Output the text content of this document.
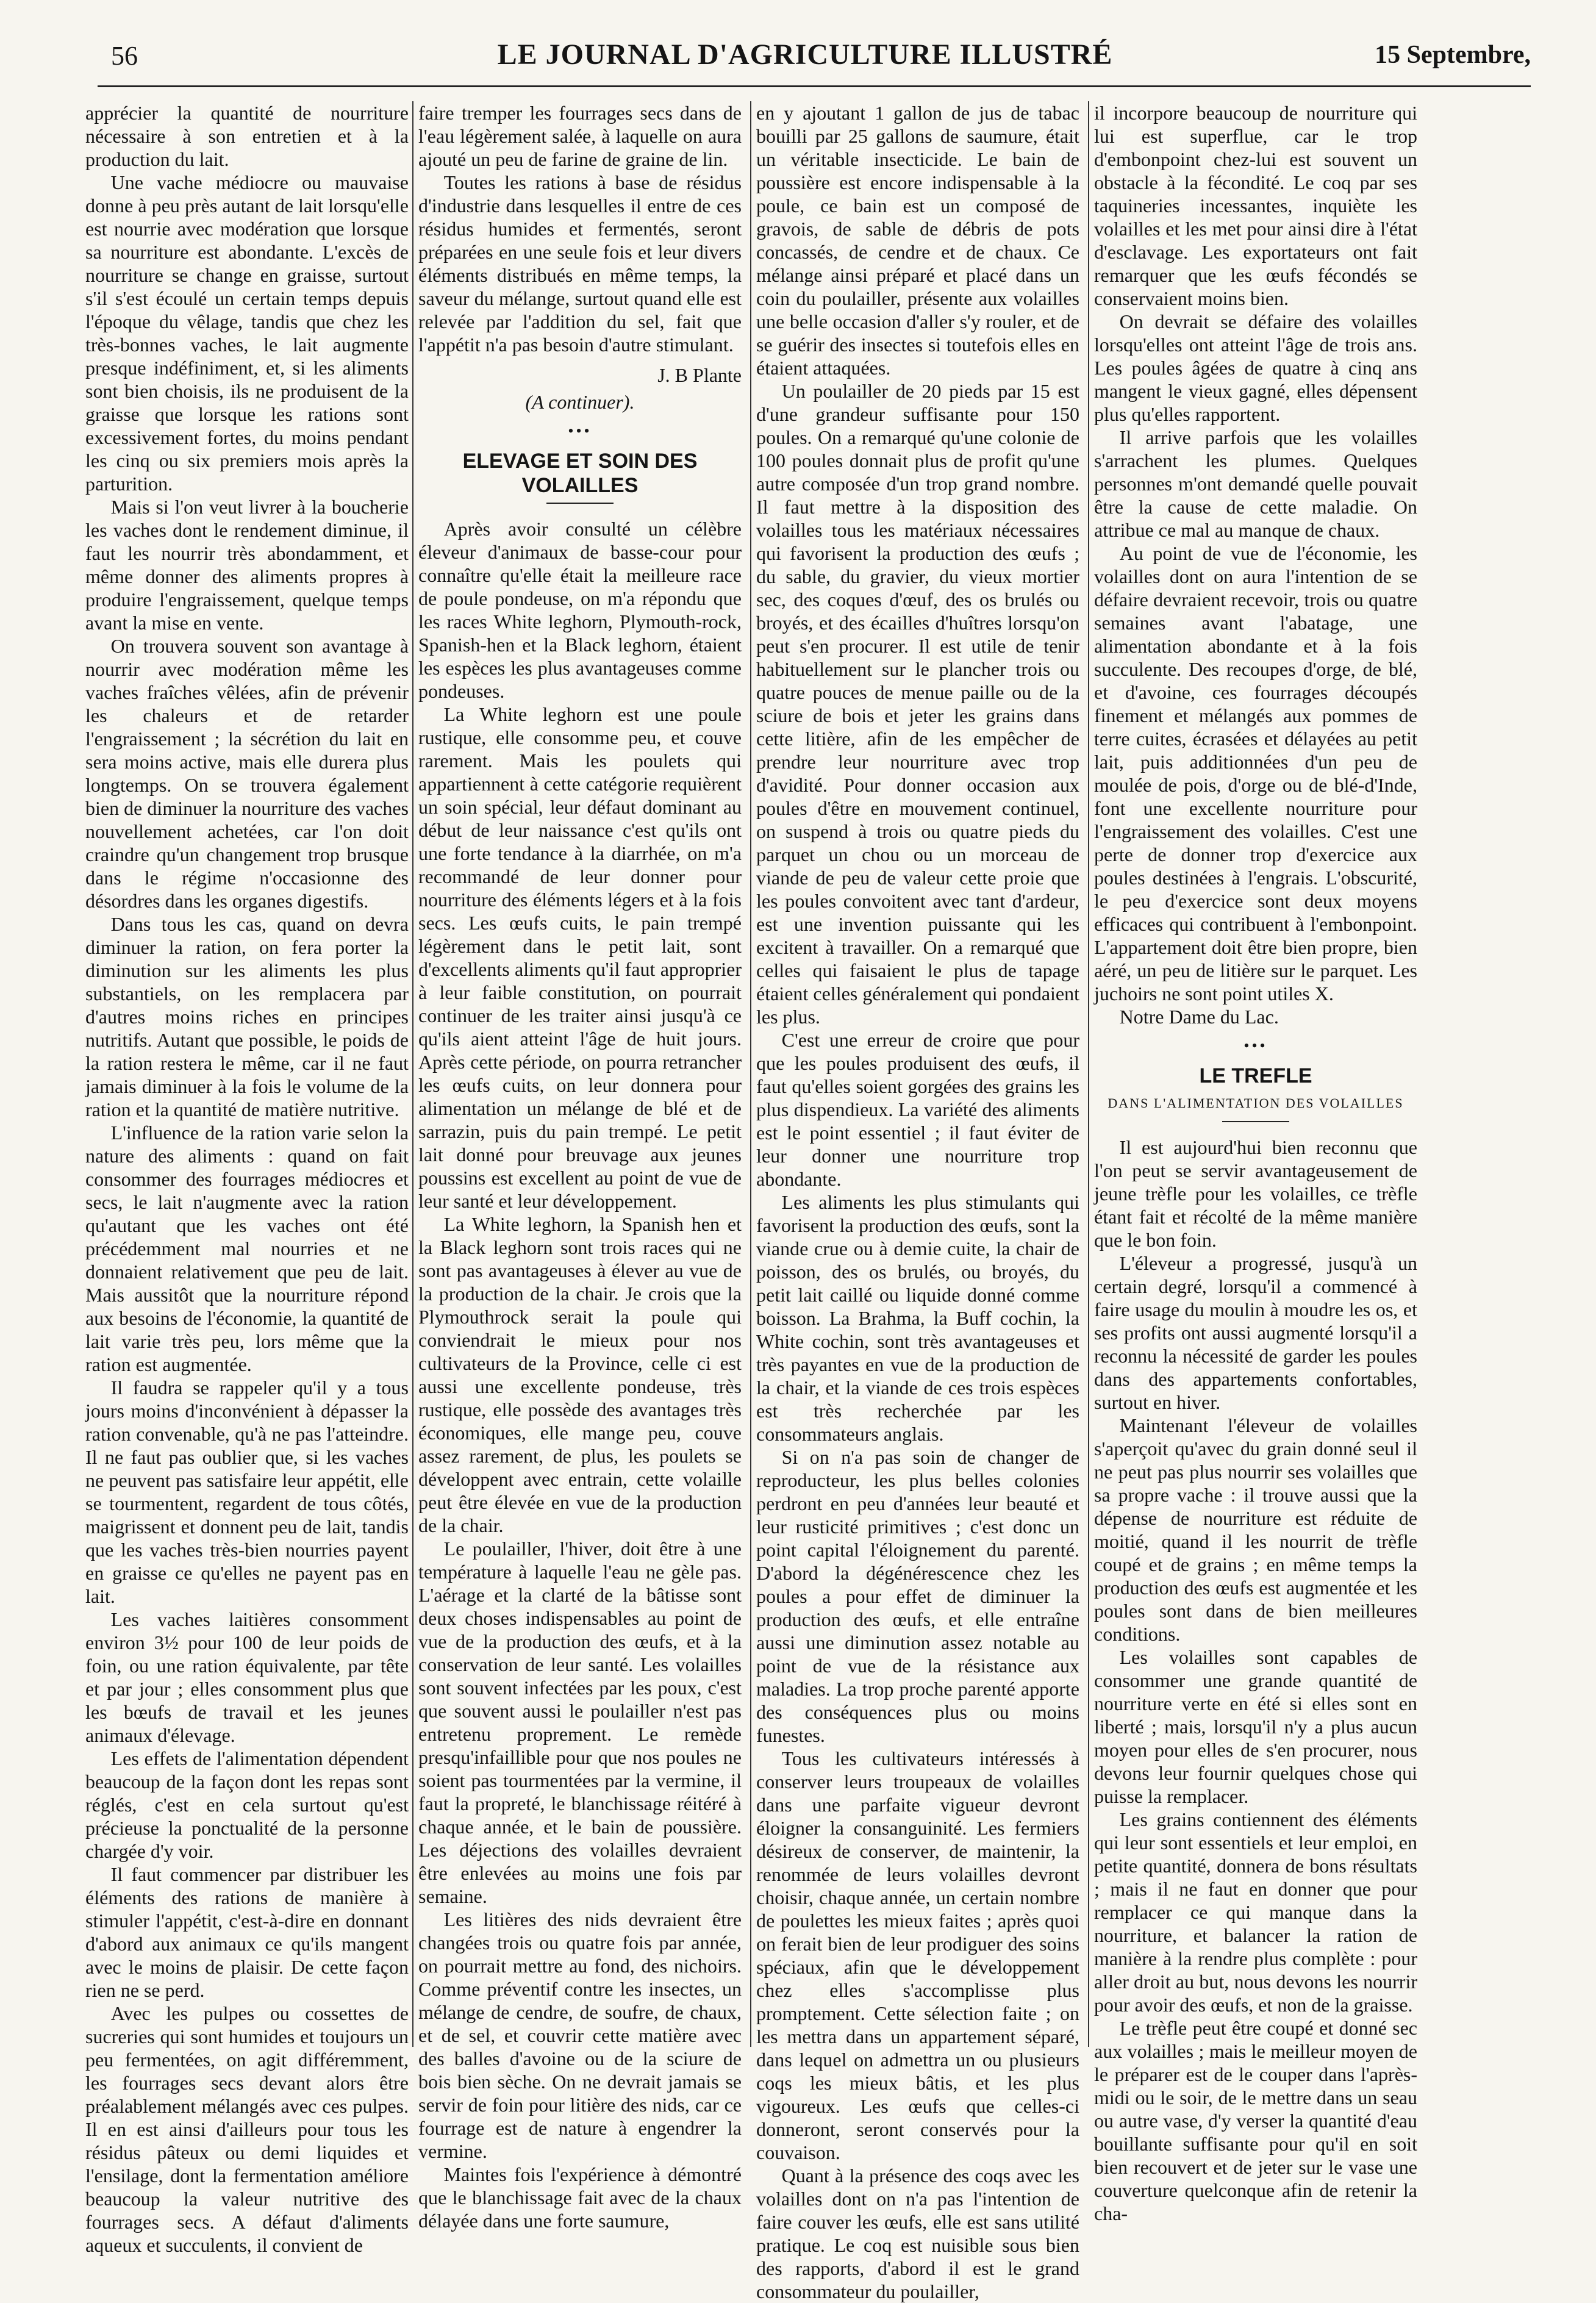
56	LE JOURNAL D'AGRICULTURE ILLUSTRÉ	15 Septembre,

apprécier la quantité de nourriture nécessaire à son entretien et à la production du lait.

Une vache médiocre ou mauvaise donne à peu près autant de lait lorsqu'elle est nourrie avec modération que lorsque sa nourriture est abondante. L'excès de nourriture se change en graisse, surtout s'il s'est écoulé un certain temps depuis l'époque du vêlage, tandis que chez les très-bonnes vaches, le lait augmente presque indéfiniment, et, si les aliments sont bien choisis, ils ne produisent de la graisse que lorsque les rations sont excessivement fortes, du moins pendant les cinq ou six premiers mois après la parturition.

Mais si l'on veut livrer à la boucherie les vaches dont le rendement diminue, il faut les nourrir très abondamment, et même donner des aliments propres à produire l'engraissement, quelque temps avant la mise en vente.

On trouvera souvent son avantage à nourrir avec modération même les vaches fraîches vêlées, afin de prévenir les chaleurs et de retarder l'engraissement ; la sécrétion du lait en sera moins active, mais elle durera plus longtemps. On se trouvera également bien de diminuer la nourriture des vaches nouvellement achetées, car l'on doit craindre qu'un changement trop brusque dans le régime n'occasionne des désordres dans les organes digestifs.

Dans tous les cas, quand on devra diminuer la ration, on fera porter la diminution sur les aliments les plus substantiels, on les remplacera par d'autres moins riches en principes nutritifs. Autant que possible, le poids de la ration restera le même, car il ne faut jamais diminuer à la fois le volume de la ration et la quantité de matière nutritive.

L'influence de la ration varie selon la nature des aliments : quand on fait consommer des fourrages médiocres et secs, le lait n'augmente avec la ration qu'autant que les vaches ont été précédemment mal nourries et ne donnaient relativement que peu de lait. Mais aussitôt que la nourriture répond aux besoins de l'économie, la quantité de lait varie très peu, lors même que la ration est augmentée.

Il faudra se rappeler qu'il y a tous jours moins d'inconvénient à dépasser la ration convenable, qu'à ne pas l'atteindre. Il ne faut pas oublier que, si les vaches ne peuvent pas satisfaire leur appétit, elle se tourmentent, regardent de tous côtés, maigrissent et donnent peu de lait, tandis que les vaches très-bien nourries payent en graisse ce qu'elles ne payent pas en lait.

Les vaches laitières consomment environ 3½ pour 100 de leur poids de foin, ou une ration équivalente, par tête et par jour ; elles consomment plus que les bœufs de travail et les jeunes animaux d'élevage.

Les effets de l'alimentation dépendent beaucoup de la façon dont les repas sont réglés, c'est en cela surtout qu'est précieuse la ponctualité de la personne chargée d'y voir.

Il faut commencer par distribuer les éléments des rations de manière à stimuler l'appétit, c'est-à-dire en donnant d'abord aux animaux ce qu'ils mangent avec le moins de plaisir. De cette façon rien ne se perd.

Avec les pulpes ou cossettes de sucreries qui sont humides et toujours un peu fermentées, on agit différemment, les fourrages secs devant alors être préalablement mélangés avec ces pulpes. Il en est ainsi d'ailleurs pour tous les résidus pâteux ou demi liquides et l'ensilage, dont la fermentation améliore beaucoup la valeur nutritive des fourrages secs. A défaut d'aliments aqueux et succulents, il convient de

faire tremper les fourrages secs dans de l'eau légèrement salée, à laquelle on aura ajouté un peu de farine de graine de lin.

Toutes les rations à base de résidus d'industrie dans lesquelles il entre de ces résidus humides et fermentés, seront préparées en une seule fois et leur divers éléments distribués en même temps, la saveur du mélange, surtout quand elle est relevée par l'addition du sel, fait que l'appétit n'a pas besoin d'autre stimulant.

J. B Plante
(A continuer).
•••
ELEVAGE ET SOIN DES VOLAILLES

Après avoir consulté un célèbre éleveur d'animaux de basse-cour pour connaître qu'elle était la meilleure race de poule pondeuse, on m'a répondu que les races White leghorn, Plymouth-rock, Spanish-hen et la Black leghorn, étaient les espèces les plus avantageuses comme pondeuses.

La White leghorn est une poule rustique, elle consomme peu, et couve rarement. Mais les poulets qui appartiennent à cette catégorie requièrent un soin spécial, leur défaut dominant au début de leur naissance c'est qu'ils ont une forte tendance à la diarrhée, on m'a recommandé de leur donner pour nourriture des éléments légers et à la fois secs. Les œufs cuits, le pain trempé légèrement dans le petit lait, sont d'excellents aliments qu'il faut approprier à leur faible constitution, on pourrait continuer de les traiter ainsi jusqu'à ce qu'ils aient atteint l'âge de huit jours. Après cette période, on pourra retrancher les œufs cuits, on leur donnera pour alimentation un mélange de blé et de sarrazin, puis du pain trempé. Le petit lait donné pour breuvage aux jeunes poussins est excellent au point de vue de leur santé et leur développement.

La White leghorn, la Spanish hen et la Black leghorn sont trois races qui ne sont pas avantageuses à élever au vue de la production de la chair. Je crois que la Plymouthrock serait la poule qui conviendrait le mieux pour nos cultivateurs de la Province, celle ci est aussi une excellente pondeuse, très rustique, elle possède des avantages très économiques, elle mange peu, couve assez rarement, de plus, les poulets se développent avec entrain, cette volaille peut être élevée en vue de la production de la chair.

Le poulailler, l'hiver, doit être à une température à laquelle l'eau ne gèle pas. L'aérage et la clarté de la bâtisse sont deux choses indispensables au point de vue de la production des œufs, et à la conservation de leur santé. Les volailles sont souvent infectées par les poux, c'est que souvent aussi le poulailler n'est pas entretenu proprement. Le remède presqu'infaillible pour que nos poules ne soient pas tourmentées par la vermine, il faut la propreté, le blanchissage réitéré à chaque année, et le bain de poussière. Les déjections des volailles devraient être enlevées au moins une fois par semaine.

Les litières des nids devraient être changées trois ou quatre fois par année, on pourrait mettre au fond, des nichoirs. Comme préventif contre les insectes, un mélange de cendre, de soufre, de chaux, et de sel, et couvrir cette matière avec des balles d'avoine ou de la sciure de bois bien sèche. On ne devrait jamais se servir de foin pour litière des nids, car ce fourrage est de nature à engendrer la vermine.

Maintes fois l'expérience à démontré que le blanchissage fait avec de la chaux délayée dans une forte saumure,

en y ajoutant 1 gallon de jus de tabac bouilli par 25 gallons de saumure, était un véritable insecticide. Le bain de poussière est encore indispensable à la poule, ce bain est un composé de gravois, de sable de débris de pots concassés, de cendre et de chaux. Ce mélange ainsi préparé et placé dans un coin du poulailler, présente aux volailles une belle occasion d'aller s'y rouler, et de se guérir des insectes si toutefois elles en étaient attaquées.

Un poulailler de 20 pieds par 15 est d'une grandeur suffisante pour 150 poules. On a remarqué qu'une colonie de 100 poules donnait plus de profit qu'une autre composée d'un trop grand nombre. Il faut mettre à la disposition des volailles tous les matériaux nécessaires qui favorisent la production des œufs ; du sable, du gravier, du vieux mortier sec, des coques d'œuf, des os brulés ou broyés, et des écailles d'huîtres lorsqu'on peut s'en procurer. Il est utile de tenir habituellement sur le plancher trois ou quatre pouces de menue paille ou de la sciure de bois et jeter les grains dans cette litière, afin de les empêcher de prendre leur nourriture avec trop d'avidité. Pour donner occasion aux poules d'être en mouvement continuel, on suspend à trois ou quatre pieds du parquet un chou ou un morceau de viande de peu de valeur cette proie que les poules convoitent avec tant d'ardeur, est une invention puissante qui les excitent à travailler. On a remarqué que celles qui faisaient le plus de tapage étaient celles généralement qui pondaient les plus.

C'est une erreur de croire que pour que les poules produisent des œufs, il faut qu'elles soient gorgées des grains les plus dispendieux. La variété des aliments est le point essentiel ; il faut éviter de leur donner une nourriture trop abondante.

Les aliments les plus stimulants qui favorisent la production des œufs, sont la viande crue ou à demie cuite, la chair de poisson, des os brulés, ou broyés, du petit lait caillé ou liquide donné comme boisson. La Brahma, la Buff cochin, la White cochin, sont très avantageuses et très payantes en vue de la production de la chair, et la viande de ces trois espèces est très recherchée par les consommateurs anglais.

Si on n'a pas soin de changer de reproducteur, les plus belles colonies perdront en peu d'années leur beauté et leur rusticité primitives ; c'est donc un point capital l'éloignement du parenté. D'abord la dégénérescence chez les poules a pour effet de diminuer la production des œufs, et elle entraîne aussi une diminution assez notable au point de vue de la résistance aux maladies. La trop proche parenté apporte des conséquences plus ou moins funestes.

Tous les cultivateurs intéressés à conserver leurs troupeaux de volailles dans une parfaite vigueur devront éloigner la consanguinité. Les fermiers désireux de conserver, de maintenir, la renommée de leurs volailles devront choisir, chaque année, un certain nombre de poulettes les mieux faites ; après quoi on ferait bien de leur prodiguer des soins spéciaux, afin que le développement chez elles s'accomplisse plus promptement. Cette sélection faite ; on les mettra dans un appartement séparé, dans lequel on admettra un ou plusieurs coqs les mieux bâtis, et les plus vigoureux. Les œufs que celles-ci donneront, seront conservés pour la couvaison.

Quant à la présence des coqs avec les volailles dont on n'a pas l'intention de faire couver les œufs, elle est sans utilité pratique. Le coq est nuisible sous bien des rapports, d'abord il est le grand consommateur du poulailler,

il incorpore beaucoup de nourriture qui lui est superflue, car le trop d'embonpoint chez-lui est souvent un obstacle à la fécondité. Le coq par ses taquineries incessantes, inquiète les volailles et les met pour ainsi dire à l'état d'esclavage. Les exportateurs ont fait remarquer que les œufs fécondés se conservaient moins bien.

On devrait se défaire des volailles lorsqu'elles ont atteint l'âge de trois ans. Les poules âgées de quatre à cinq ans mangent le vieux gagné, elles dépensent plus qu'elles rapportent.

Il arrive parfois que les volailles s'arrachent les plumes. Quelques personnes m'ont demandé quelle pouvait être la cause de cette maladie. On attribue ce mal au manque de chaux.

Au point de vue de l'économie, les volailles dont on aura l'intention de se défaire devraient recevoir, trois ou quatre semaines avant l'abatage, une alimentation abondante et à la fois succulente. Des recoupes d'orge, de blé, et d'avoine, ces fourrages découpés finement et mélangés aux pommes de terre cuites, écrasées et délayées au petit lait, puis additionnées d'un peu de moulée de pois, d'orge ou de blé-d'Inde, font une excellente nourriture pour l'engraissement des volailles. C'est une perte de donner trop d'exercice aux poules destinées à l'engrais. L'obscurité, le peu d'exercice sont deux moyens efficaces qui contribuent à l'embonpoint. L'appartement doit être bien propre, bien aéré, un peu de litière sur le parquet. Les juchoirs ne sont point utiles X.

Notre Dame du Lac.

•••
LE TREFLE
DANS L'ALIMENTATION DES VOLAILLES

Il est aujourd'hui bien reconnu que l'on peut se servir avantageusement de jeune trèfle pour les volailles, ce trèfle étant fait et récolté de la même manière que le bon foin.

L'éleveur a progressé, jusqu'à un certain degré, lorsqu'il a commencé à faire usage du moulin à moudre les os, et ses profits ont aussi augmenté lorsqu'il a reconnu la nécessité de garder les poules dans des appartements confortables, surtout en hiver.

Maintenant l'éleveur de volailles s'aperçoit qu'avec du grain donné seul il ne peut pas plus nourrir ses volailles que sa propre vache : il trouve aussi que la dépense de nourriture est réduite de moitié, quand il les nourrit de trèfle coupé et de grains ; en même temps la production des œufs est augmentée et les poules sont dans de bien meilleures conditions.

Les volailles sont capables de consommer une grande quantité de nourriture verte en été si elles sont en liberté ; mais, lorsqu'il n'y a plus aucun moyen pour elles de s'en procurer, nous devons leur fournir quelques chose qui puisse la remplacer.

Les grains contiennent des éléments qui leur sont essentiels et leur emploi, en petite quantité, donnera de bons résultats ; mais il ne faut en donner que pour remplacer ce qui manque dans la nourriture, et balancer la ration de manière à la rendre plus complète : pour aller droit au but, nous devons les nourrir pour avoir des œufs, et non de la graisse.

Le trèfle peut être coupé et donné sec aux volailles ; mais le meilleur moyen de le préparer est de le couper dans l'après-midi ou le soir, de le mettre dans un seau ou autre vase, d'y verser la quantité d'eau bouillante suffisante pour qu'il en soit bien recouvert et de jeter sur le vase une couverture quelconque afin de retenir la cha-
